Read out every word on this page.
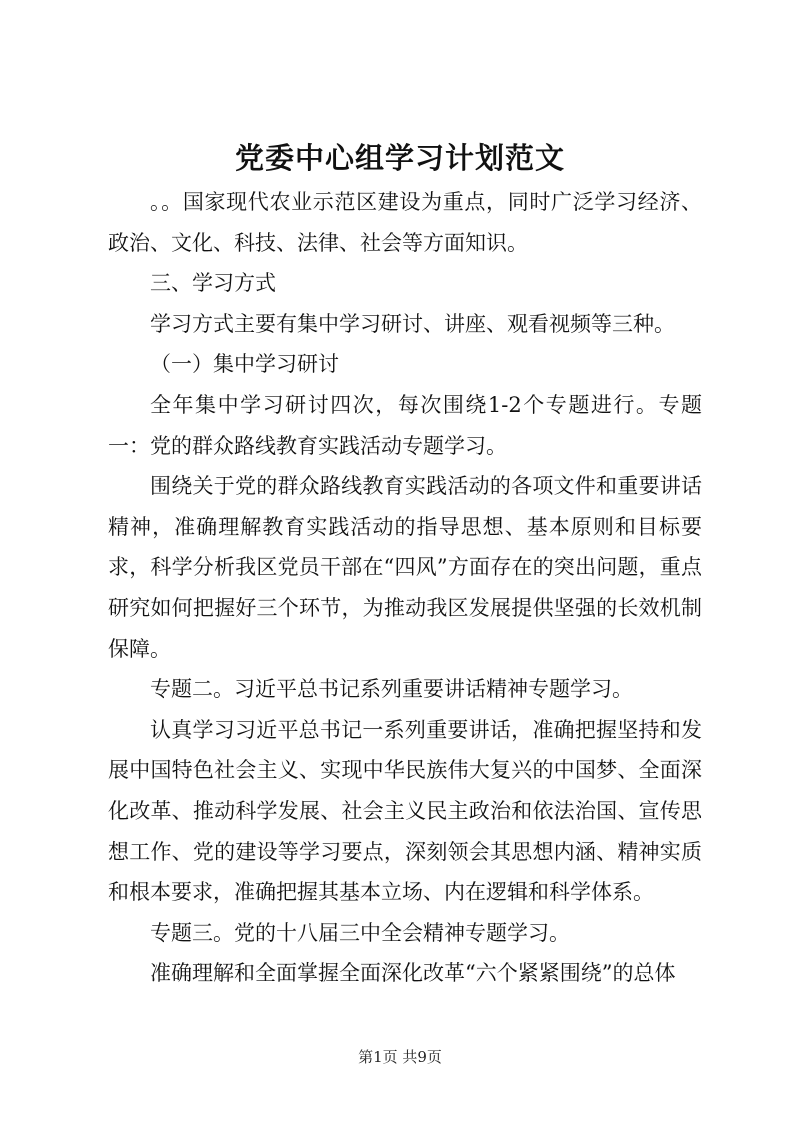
党委中心组学习计划范文

。。国家现代农业示范区建设为重点，同时广泛学习经济、政治、文化、科技、法律、社会等方面知识。

三、学习方式

学习方式主要有集中学习研讨、讲座、观看视频等三种。

（一）集中学习研讨

全年集中学习研讨四次，每次围绕1-2个专题进行。专题一：党的群众路线教育实践活动专题学习。

围绕关于党的群众路线教育实践活动的各项文件和重要讲话精神，准确理解教育实践活动的指导思想、基本原则和目标要求，科学分析我区党员干部在“四风”方面存在的突出问题，重点研究如何把握好三个环节，为推动我区发展提供坚强的长效机制保障。

专题二。习近平总书记系列重要讲话精神专题学习。

认真学习习近平总书记一系列重要讲话，准确把握坚持和发展中国特色社会主义、实现中华民族伟大复兴的中国梦、全面深化改革、推动科学发展、社会主义民主政治和依法治国、宣传思想工作、党的建设等学习要点，深刻领会其思想内涵、精神实质和根本要求，准确把握其基本立场、内在逻辑和科学体系。

专题三。党的十八届三中全会精神专题学习。

准确理解和全面掌握全面深化改革“六个紧紧围绕”的总体

第1页 共9页
